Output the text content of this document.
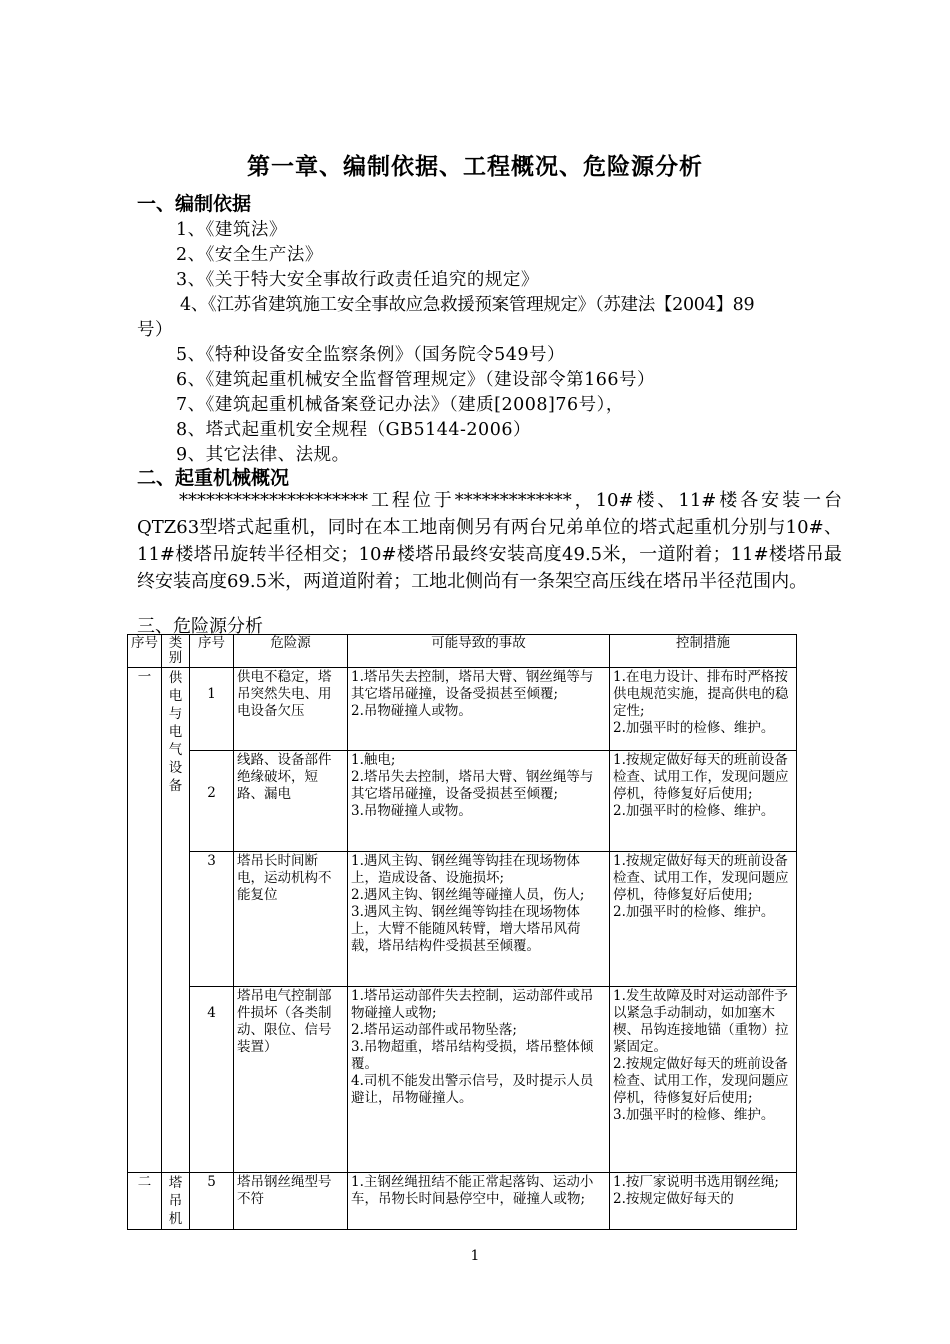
第一章、编制依据、工程概况、危险源分析
一、编制依据
1、《建筑法》
2、《安全生产法》
3、《关于特大安全事故行政责任追究的规定》
4、《江苏省建筑施工安全事故应急救援预案管理规定》（苏建法【2004】89
号）
5、《特种设备安全监察条例》（国务院令549号）
6、《建筑起重机械安全监督管理规定》（建设部令第166号）
7、《建筑起重机械备案登记办法》（建质[2008]76号），
8、塔式起重机安全规程（GB5144-2006）
9、其它法律、法规。
二、起重机械概况
*********************工程位于*************，10#楼、11#楼各安装一台QTZ63型塔式起重机，同时在本工地南侧另有两台兄弟单位的塔式起重机分别与10#、11#楼塔吊旋转半径相交；10#楼塔吊最终安装高度49.5米，一道附着；11#楼塔吊最终安装高度69.5米，两道道附着；工地北侧尚有一条架空高压线在塔吊半径范围内。
三、危险源分析
序号	类别	序号	危险源	可能导致的事故	控制措施
一	供电与电气设备	1	供电不稳定，塔吊突然失电、用电设备欠压	1.塔吊失去控制，塔吊大臂、钢丝绳等与其它塔吊碰撞，设备受损甚至倾覆;
2.吊物碰撞人或物。	1.在电力设计、排布时严格按供电规范实施，提高供电的稳定性;
2.加强平时的检修、维护。

		2	线路、设备部件绝缘破坏，短路、漏电	1.触电;
2.塔吊失去控制，塔吊大臂、钢丝绳等与其它塔吊碰撞，设备受损甚至倾覆;
3.吊物碰撞人或物。	1.按规定做好每天的班前设备检查、试用工作，发现问题应停机，待修复好后使用;
2.加强平时的检修、维护。

		3	塔吊长时间断电，运动机构不能复位	1.遇风主钩、钢丝绳等钩挂在现场物体上，造成设备、设施损坏;
2.遇风主钩、钢丝绳等碰撞人员，伤人;
3.遇风主钩、钢丝绳等钩挂在现场物体上，大臂不能随风转臂，增大塔吊风荷载，塔吊结构件受损甚至倾覆。	1.按规定做好每天的班前设备检查、试用工作，发现问题应停机，待修复好后使用;
2.加强平时的检修、维护。

		4	塔吊电气控制部件损坏（各类制动、限位、信号装置）	1.塔吊运动部件失去控制，运动部件或吊物碰撞人或物;
2.塔吊运动部件或吊物坠落;
3.吊物超重，塔吊结构受损，塔吊整体倾覆。
4.司机不能发出警示信号，及时提示人员避让，吊物碰撞人。	1.发生故障及时对运动部件予以紧急手动制动，如加塞木楔、吊钩连接地锚（重物）拉紧固定。
2.按规定做好每天的班前设备检查、试用工作，发现问题应停机，待修复好后使用;
3.加强平时的检修、维护。

二	塔吊机	5	塔吊钢丝绳型号不符	1.主钢丝绳扭结不能正常起落钩、运动小车，吊物长时间悬停空中，碰撞人或物;	1.按厂家说明书选用钢丝绳;
2.按规定做好每天的
1
